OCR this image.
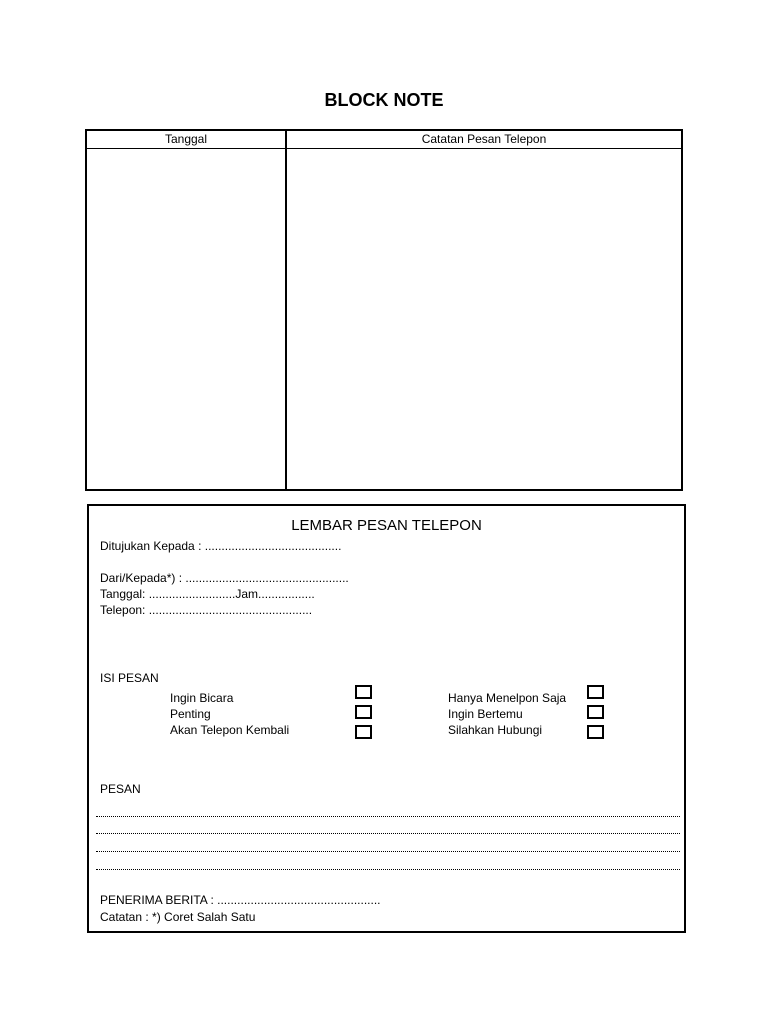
BLOCK NOTE
Tanggal	Catatan Pesan Telepon
LEMBAR PESAN TELEPON
Ditujukan Kepada : .........................................
Dari/Kepada*) : .................................................
Tanggal: ..........................Jam.................
Telepon: .................................................
ISI PESAN
Ingin Bicara
Penting
Akan Telepon Kembali
Hanya Menelpon Saja
Ingin Bertemu
Silahkan Hubungi
PESAN
PENERIMA BERITA : .................................................
Catatan : *) Coret Salah Satu
